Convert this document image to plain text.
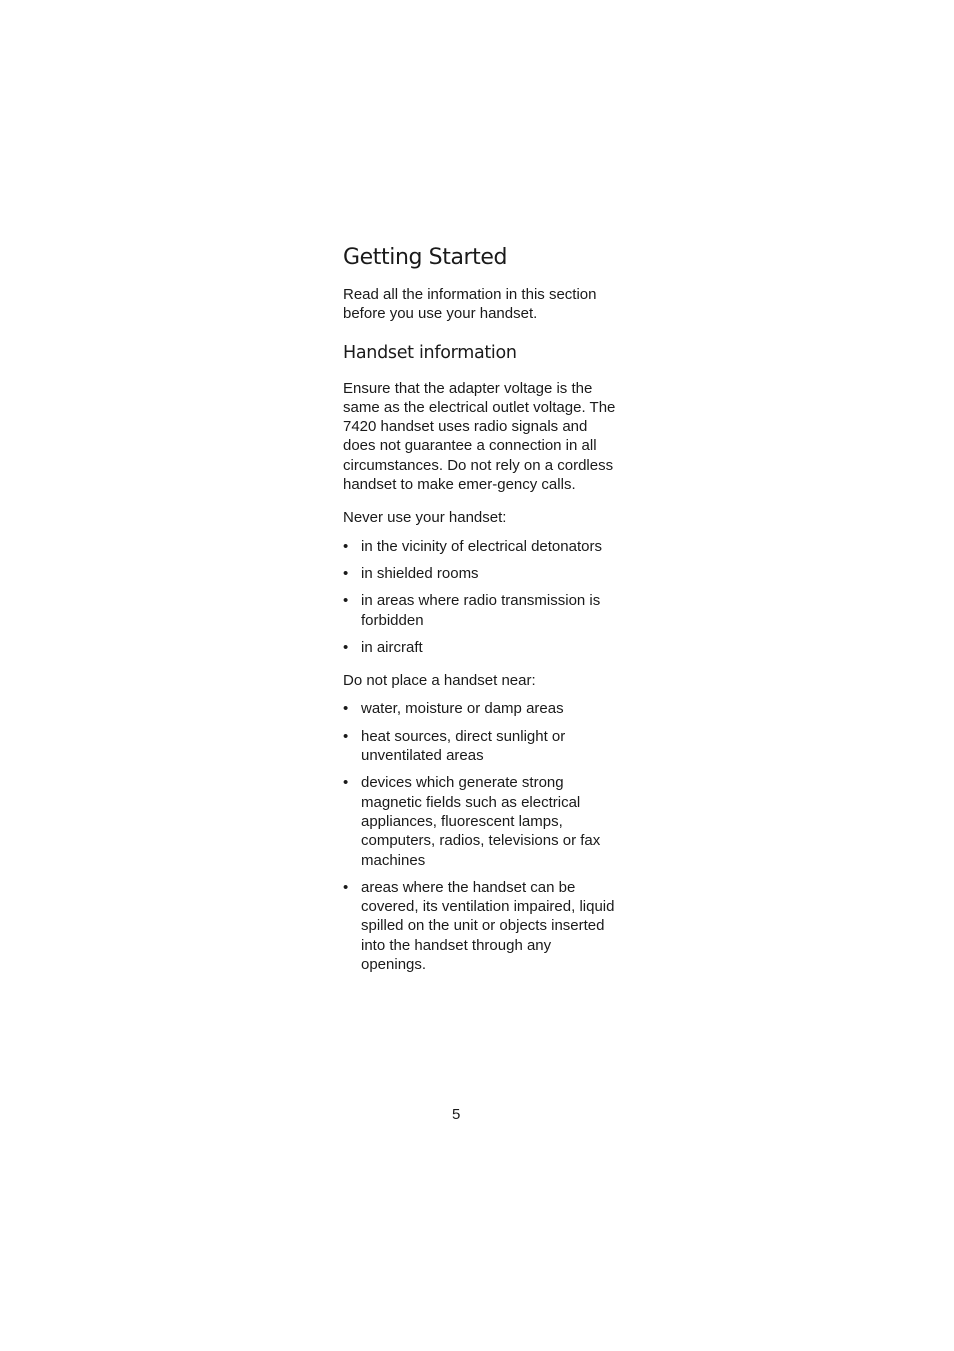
Getting Started

Read all the information in this section before you use your handset.

Handset information

Ensure that the adapter voltage is the same as the electrical outlet voltage. The 7420 handset uses radio signals and does not guarantee a connection in all circumstances. Do not rely on a cordless handset to make emer-gency calls.

Never use your handset:

• in the vicinity of electrical detonators
• in shielded rooms
• in areas where radio transmission is forbidden
• in aircraft

Do not place a handset near:

• water, moisture or damp areas
• heat sources, direct sunlight or unventilated areas
• devices which generate strong magnetic fields such as electrical appliances, fluorescent lamps, computers, radios, televisions or fax machines
• areas where the handset can be covered, its ventilation impaired, liquid spilled on the unit or objects inserted into the handset through any openings.
5
